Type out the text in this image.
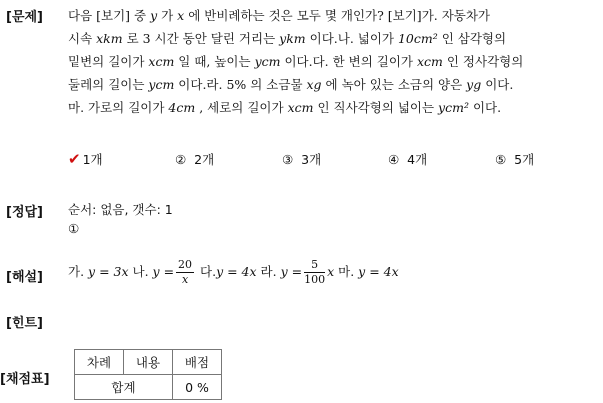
[문제]
[정답]
[해설]
[힌트]
[채점표]
다음 [보기] 중 y 가 x 에 반비례하는 것은 모두 몇 개인가? [보기]가. 자동차가
시속 xkm 로 3 시간 동안 달린 거리는 ykm 이다.나. 넓이가 10cm² 인 삼각형의
밑변의 길이가 xcm 일 때, 높이는 ycm 이다.다. 한 변의 길이가 xcm 인 정사각형의
둘레의 길이는 ycm 이다.라. 5% 의 소금물 xg 에 녹아 있는 소금의 양은 yg 이다.
마. 가로의 길이가 4cm , 세로의 길이가 xcm 인 직사각형의 넓이는 ycm² 이다.
✔ 1개	② 2개	③ 3개	④ 4개	⑤ 5개
순서: 없음, 갯수: 1
①
가. y = 3x 나. $y = \frac{20}{x}$ 다.y = 4x 라. $y = \frac{5}{100}$ x 마. y = 4x
차례	내용	배점
합계		0 %
